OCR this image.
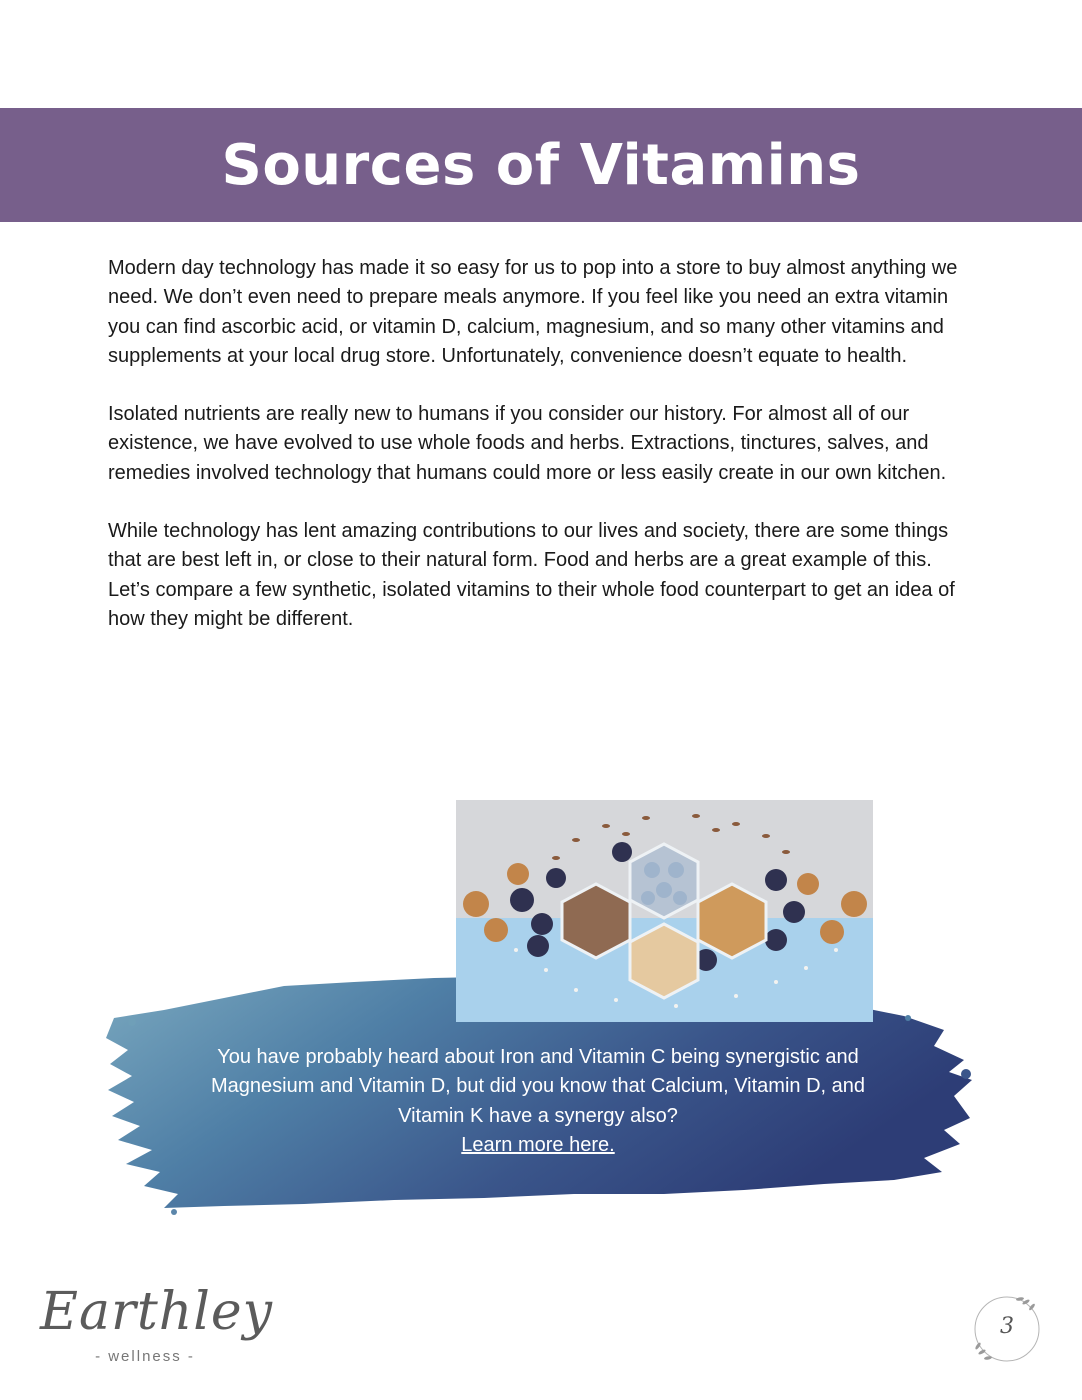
Sources of Vitamins

Modern day technology has made it so easy for us to pop into a store to buy almost anything we need. We don’t even need to prepare meals anymore. If you feel like you need an extra vitamin you can find ascorbic acid, or vitamin D, calcium, magnesium, and so many other vitamins and supplements at your local drug store. Unfortunately, convenience doesn’t equate to health.

Isolated nutrients are really new to humans if you consider our history. For almost all of our existence, we have evolved to use whole foods and herbs. Extractions, tinctures, salves, and remedies involved technology that humans could more or less easily create in our own kitchen.

While technology has lent amazing contributions to our lives and society, there are some things that are best left in, or close to their natural form. Food and herbs are a great example of this. Let’s compare a few synthetic, isolated vitamins to their whole food counterpart to get an idea of how they might be different.

You have probably heard about Iron and Vitamin C being synergistic and Magnesium and Vitamin D, but did you know that Calcium, Vitamin D, and Vitamin K have a synergy also?
Learn more here.
Earthley
- wellness -
3
